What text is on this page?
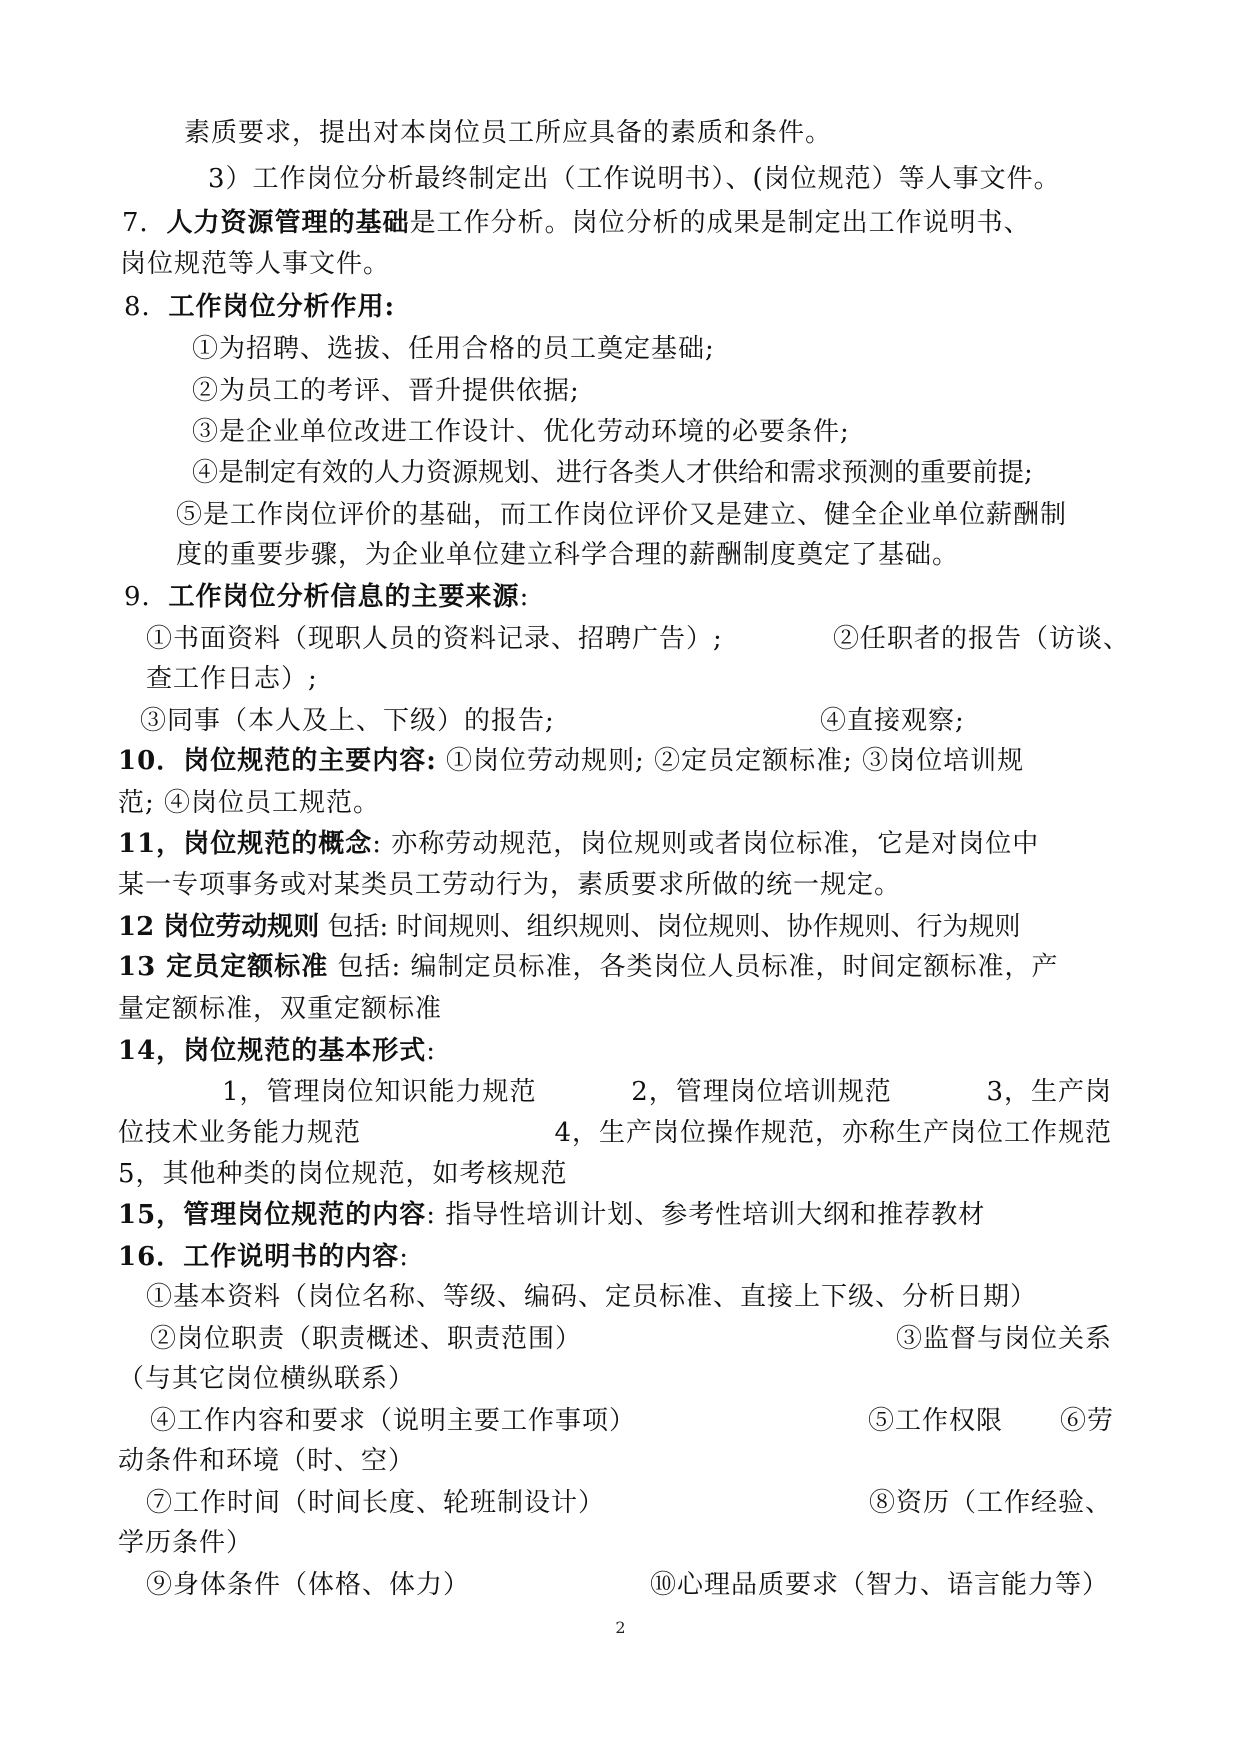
素质要求，提出对本岗位员工所应具备的素质和条件。
3）工作岗位分析最终制定出（工作说明书）、(岗位规范）等人事文件。
7．人力资源管理的基础是工作分析。岗位分析的成果是制定出工作说明书、
岗位规范等人事文件。
8．工作岗位分析作用:
①为招聘、选拔、任用合格的员工奠定基础;
②为员工的考评、晋升提供依据;
③是企业单位改进工作设计、优化劳动环境的必要条件;
④是制定有效的人力资源规划、进行各类人才供给和需求预测的重要前提;
⑤是工作岗位评价的基础，而工作岗位评价又是建立、健全企业单位薪酬制
度的重要步骤，为企业单位建立科学合理的薪酬制度奠定了基础。
9．工作岗位分析信息的主要来源:
①书面资料（现职人员的资料记录、招聘广告）;	②任职者的报告（访谈、
查工作日志）;
③同事（本人及上、下级）的报告;	④直接观察;
10．岗位规范的主要内容: ①岗位劳动规则; ②定员定额标准; ③岗位培训规
范; ④岗位员工规范。
11，岗位规范的概念: 亦称劳动规范，岗位规则或者岗位标准，它是对岗位中
某一专项事务或对某类员工劳动行为，素质要求所做的统一规定。
12 岗位劳动规则 包括: 时间规则、组织规则、岗位规则、协作规则、行为规则
13 定员定额标准 包括: 编制定员标准，各类岗位人员标准，时间定额标准，产
量定额标准，双重定额标准
14，岗位规范的基本形式:
1，管理岗位知识能力规范	2，管理岗位培训规范	3，生产岗
位技术业务能力规范	4，生产岗位操作规范，亦称生产岗位工作规范
5，其他种类的岗位规范，如考核规范
15，管理岗位规范的内容: 指导性培训计划、参考性培训大纲和推荐教材
16．工作说明书的内容:
①基本资料（岗位名称、等级、编码、定员标准、直接上下级、分析日期）
②岗位职责（职责概述、职责范围）	③监督与岗位关系
（与其它岗位横纵联系）
④工作内容和要求（说明主要工作事项）	⑤工作权限 ⑥劳
动条件和环境（时、空）
⑦工作时间（时间长度、轮班制设计）	⑧资历（工作经验、
学历条件）
⑨身体条件（体格、体力）	⑩心理品质要求（智力、语言能力等）
2
